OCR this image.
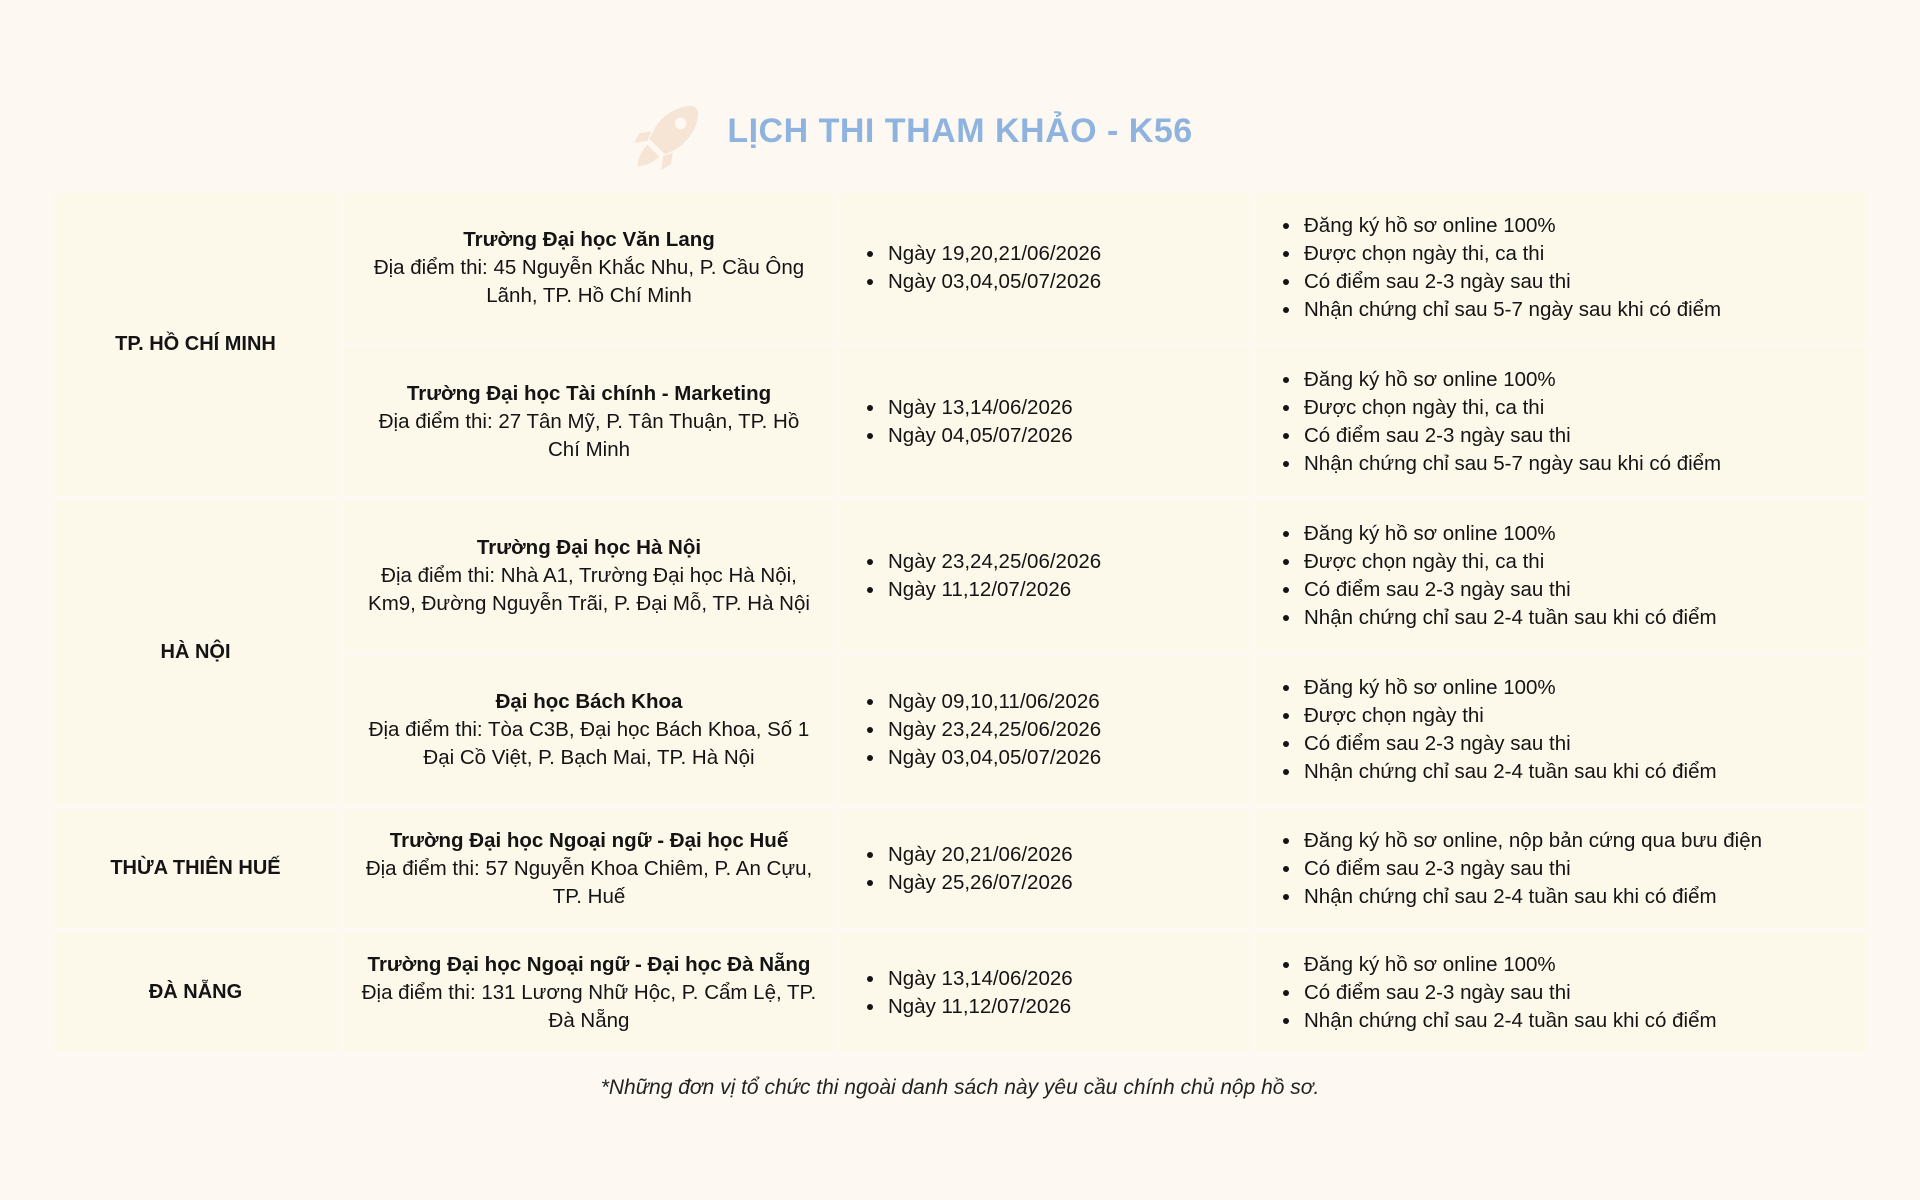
LỊCH THI THAM KHẢO - K56
TP. HỒ CHÍ MINH
Trường Đại học Văn Lang
Địa điểm thi: 45 Nguyễn Khắc Nhu, P. Cầu Ông Lãnh, TP. Hồ Chí Minh
• Ngày 19,20,21/06/2026
• Ngày 03,04,05/07/2026
• Đăng ký hồ sơ online 100%
• Được chọn ngày thi, ca thi
• Có điểm sau 2-3 ngày sau thi
• Nhận chứng chỉ sau 5-7 ngày sau khi có điểm
Trường Đại học Tài chính - Marketing
Địa điểm thi: 27 Tân Mỹ, P. Tân Thuận, TP. Hồ Chí Minh
• Ngày 13,14/06/2026
• Ngày 04,05/07/2026
• Đăng ký hồ sơ online 100%
• Được chọn ngày thi, ca thi
• Có điểm sau 2-3 ngày sau thi
• Nhận chứng chỉ sau 5-7 ngày sau khi có điểm
HÀ NỘI
Trường Đại học Hà Nội
Địa điểm thi: Nhà A1, Trường Đại học Hà Nội, Km9, Đường Nguyễn Trãi, P. Đại Mỗ, TP. Hà Nội
• Ngày 23,24,25/06/2026
• Ngày 11,12/07/2026
• Đăng ký hồ sơ online 100%
• Được chọn ngày thi, ca thi
• Có điểm sau 2-3 ngày sau thi
• Nhận chứng chỉ sau 2-4 tuần sau khi có điểm
Đại học Bách Khoa
Địa điểm thi: Tòa C3B, Đại học Bách Khoa, Số 1 Đại Cồ Việt, P. Bạch Mai, TP. Hà Nội
• Ngày 09,10,11/06/2026
• Ngày 23,24,25/06/2026
• Ngày 03,04,05/07/2026
• Đăng ký hồ sơ online 100%
• Được chọn ngày thi
• Có điểm sau 2-3 ngày sau thi
• Nhận chứng chỉ sau 2-4 tuần sau khi có điểm
THỪA THIÊN HUẾ
Trường Đại học Ngoại ngữ - Đại học Huế
Địa điểm thi: 57 Nguyễn Khoa Chiêm, P. An Cựu, TP. Huế
• Ngày 20,21/06/2026
• Ngày 25,26/07/2026
• Đăng ký hồ sơ online, nộp bản cứng qua bưu điện
• Có điểm sau 2-3 ngày sau thi
• Nhận chứng chỉ sau 2-4 tuần sau khi có điểm
ĐÀ NẴNG
Trường Đại học Ngoại ngữ - Đại học Đà Nẵng
Địa điểm thi: 131 Lương Nhữ Hộc, P. Cẩm Lệ, TP. Đà Nẵng
• Ngày 13,14/06/2026
• Ngày 11,12/07/2026
• Đăng ký hồ sơ online 100%
• Có điểm sau 2-3 ngày sau thi
• Nhận chứng chỉ sau 2-4 tuần sau khi có điểm
*Những đơn vị tổ chức thi ngoài danh sách này yêu cầu chính chủ nộp hồ sơ.
